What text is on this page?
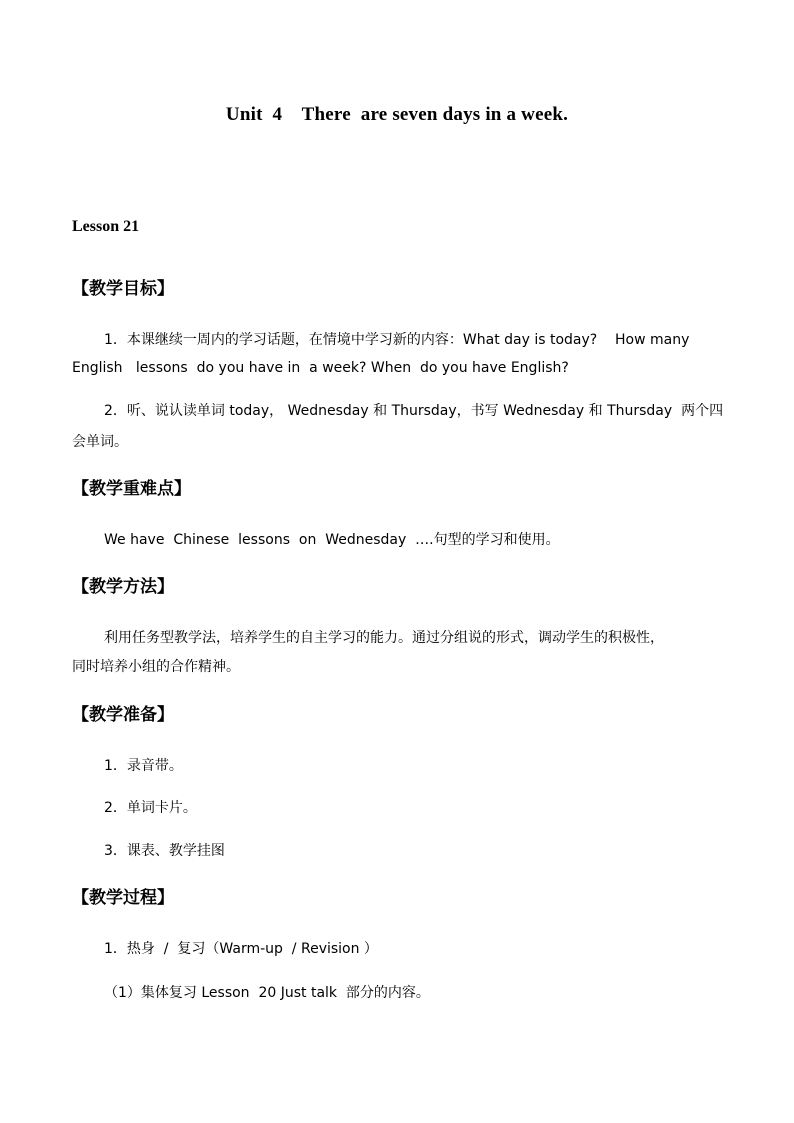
Unit  4    There  are seven days in a week.
Lesson 21
【教学目标】
1．本课继续一周内的学习话题，在情境中学习新的内容：What day is today?    How many
English   lessons  do you have in  a week? When  do you have English?
2．听、说认读单词 today， Wednesday 和 Thursday，书写 Wednesday 和 Thursday  两个四
会单词。
【教学重难点】
We have  Chinese  lessons  on  Wednesday  ….句型的学习和使用。
【教学方法】
利用任务型教学法，培养学生的自主学习的能力。通过分组说的形式，调动学生的积极性，
同时培养小组的合作精神。
【教学准备】
1．录音带。
2．单词卡片。
3．课表、教学挂图
【教学过程】
1．热身  /  复习（Warm-up  / Revision ）
（1）集体复习 Lesson  20 Just talk  部分的内容。
